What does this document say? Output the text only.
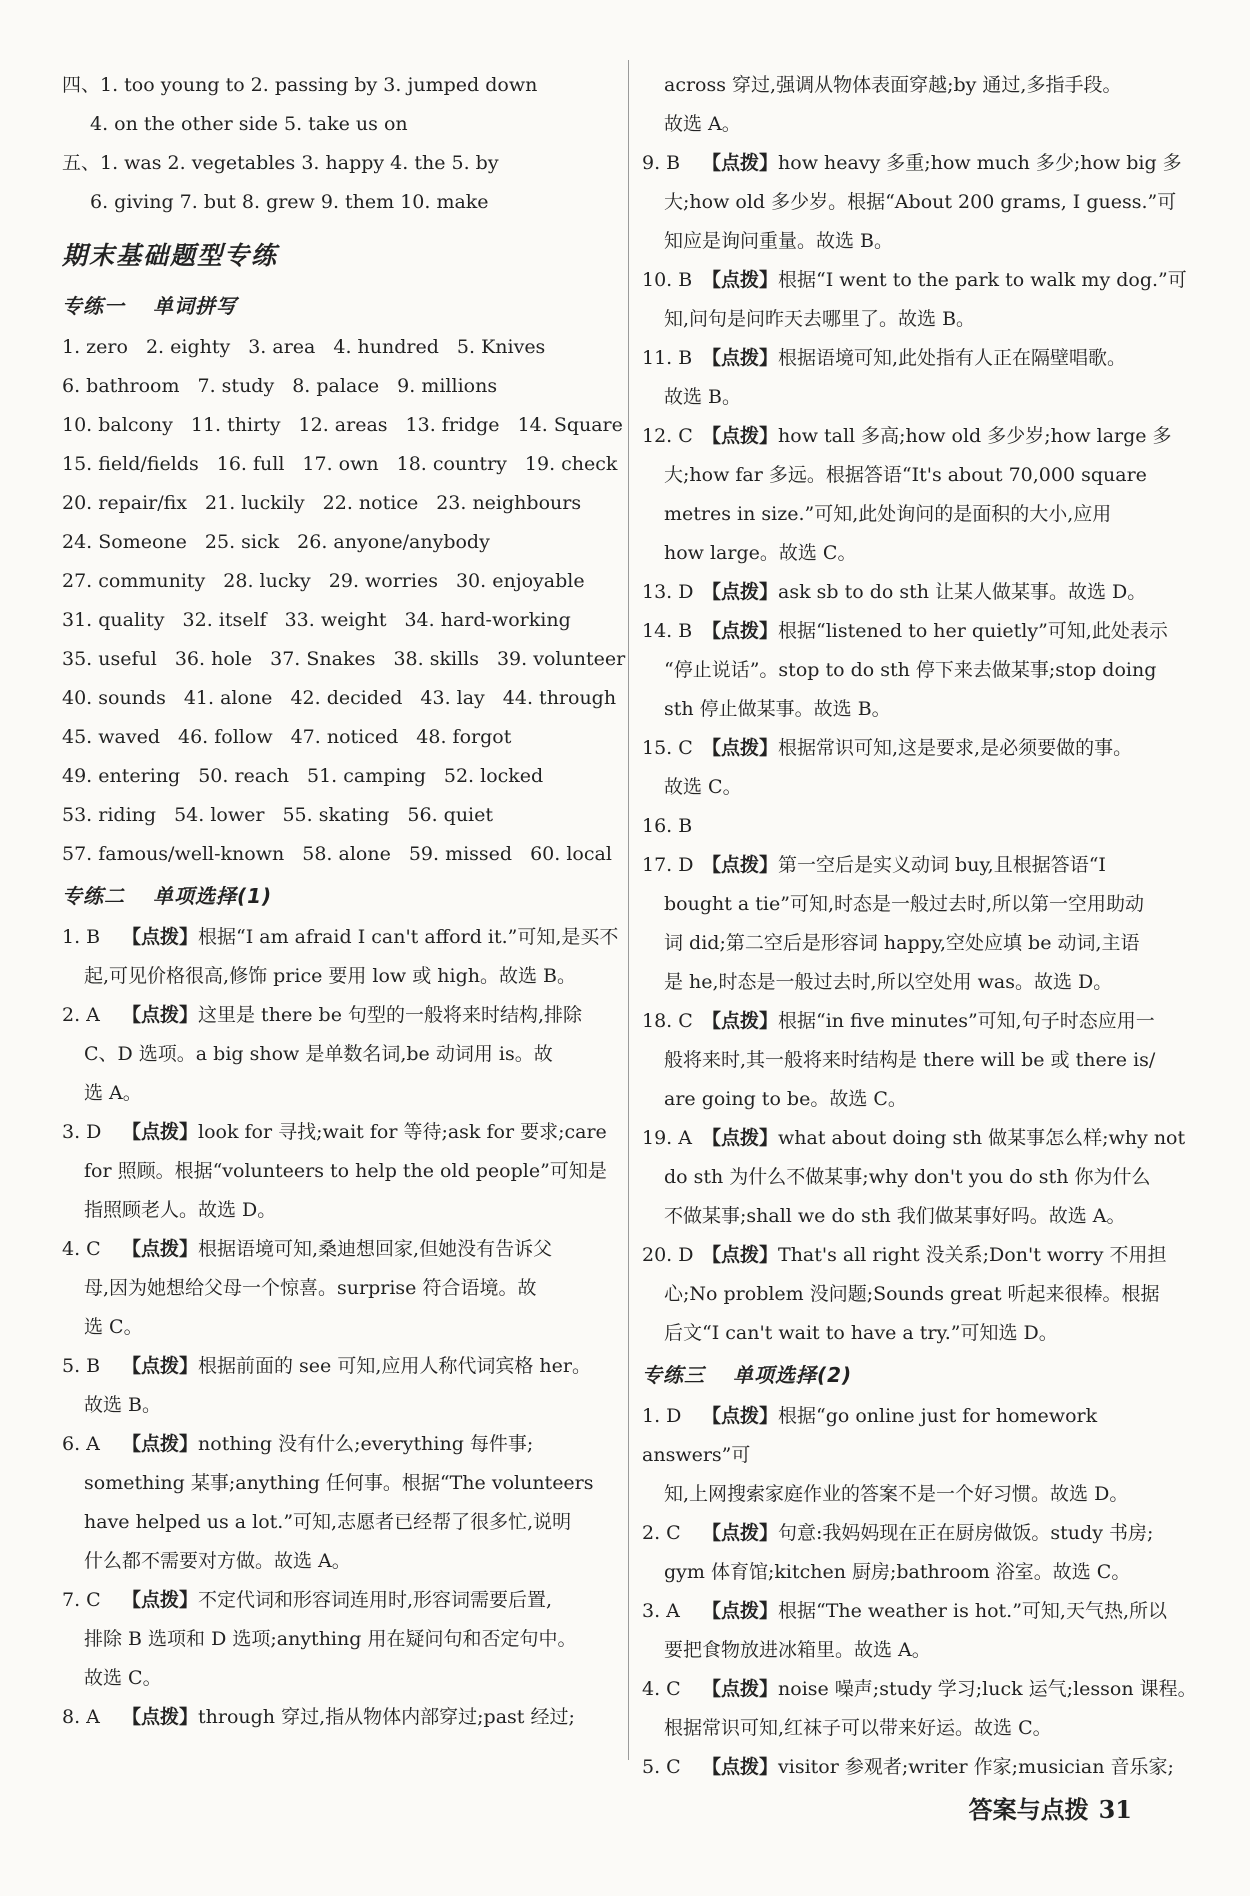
四、1. too young to 2. passing by 3. jumped down
4. on the other side 5. take us on
五、1. was 2. vegetables 3. happy 4. the 5. by
6. giving 7. but 8. grew 9. them 10. make
期末基础题型专练
专练一 单词拼写
1. zero 2. eighty 3. area 4. hundred 5. Knives
6. bathroom 7. study 8. palace 9. millions
10. balcony 11. thirty 12. areas 13. fridge 14. Square
15. field/fields 16. full 17. own 18. country 19. check
20. repair/fix 21. luckily 22. notice 23. neighbours
24. Someone 25. sick 26. anyone/anybody
27. community 28. lucky 29. worries 30. enjoyable
31. quality 32. itself 33. weight 34. hard-working
35. useful 36. hole 37. Snakes 38. skills 39. volunteer
40. sounds 41. alone 42. decided 43. lay 44. through
45. waved 46. follow 47. noticed 48. forgot
49. entering 50. reach 51. camping 52. locked
53. riding 54. lower 55. skating 56. quiet
57. famous/well-known 58. alone 59. missed 60. local
专练二 单项选择(1)
1. B 【点拨】根据“I am afraid I can't afford it.”可知,是买不
起,可见价格很高,修饰 price 要用 low 或 high。故选 B。
2. A 【点拨】这里是 there be 句型的一般将来时结构,排除
C、D 选项。a big show 是单数名词,be 动词用 is。故
选 A。
3. D 【点拨】look for 寻找;wait for 等待;ask for 要求;care
for 照顾。根据“volunteers to help the old people”可知是
指照顾老人。故选 D。
4. C 【点拨】根据语境可知,桑迪想回家,但她没有告诉父
母,因为她想给父母一个惊喜。surprise 符合语境。故
选 C。
5. B 【点拨】根据前面的 see 可知,应用人称代词宾格 her。
故选 B。
6. A 【点拨】nothing 没有什么;everything 每件事;
something 某事;anything 任何事。根据“The volunteers
have helped us a lot.”可知,志愿者已经帮了很多忙,说明
什么都不需要对方做。故选 A。
7. C 【点拨】不定代词和形容词连用时,形容词需要后置,
排除 B 选项和 D 选项;anything 用在疑问句和否定句中。
故选 C。
8. A 【点拨】through 穿过,指从物体内部穿过;past 经过;
across 穿过,强调从物体表面穿越;by 通过,多指手段。
故选 A。
9. B 【点拨】how heavy 多重;how much 多少;how big 多
大;how old 多少岁。根据“About 200 grams, I guess.”可
知应是询问重量。故选 B。
10. B 【点拨】根据“I went to the park to walk my dog.”可
知,问句是问昨天去哪里了。故选 B。
11. B 【点拨】根据语境可知,此处指有人正在隔壁唱歌。
故选 B。
12. C 【点拨】how tall 多高;how old 多少岁;how large 多
大;how far 多远。根据答语“It's about 70,000 square
metres in size.”可知,此处询问的是面积的大小,应用
how large。故选 C。
13. D 【点拨】ask sb to do sth 让某人做某事。故选 D。
14. B 【点拨】根据“listened to her quietly”可知,此处表示
“停止说话”。stop to do sth 停下来去做某事;stop doing
sth 停止做某事。故选 B。
15. C 【点拨】根据常识可知,这是要求,是必须要做的事。
故选 C。
16. B
17. D 【点拨】第一空后是实义动词 buy,且根据答语“I
bought a tie”可知,时态是一般过去时,所以第一空用助动
词 did;第二空后是形容词 happy,空处应填 be 动词,主语
是 he,时态是一般过去时,所以空处用 was。故选 D。
18. C 【点拨】根据“in five minutes”可知,句子时态应用一
般将来时,其一般将来时结构是 there will be 或 there is/
are going to be。故选 C。
19. A 【点拨】what about doing sth 做某事怎么样;why not
do sth 为什么不做某事;why don't you do sth 你为什么
不做某事;shall we do sth 我们做某事好吗。故选 A。
20. D 【点拨】That's all right 没关系;Don't worry 不用担
心;No problem 没问题;Sounds great 听起来很棒。根据
后文“I can't wait to have a try.”可知选 D。
专练三 单项选择(2)
1. D 【点拨】根据“go online just for homework answers”可
知,上网搜索家庭作业的答案不是一个好习惯。故选 D。
2. C 【点拨】句意:我妈妈现在正在厨房做饭。study 书房;
gym 体育馆;kitchen 厨房;bathroom 浴室。故选 C。
3. A 【点拨】根据“The weather is hot.”可知,天气热,所以
要把食物放进冰箱里。故选 A。
4. C 【点拨】noise 噪声;study 学习;luck 运气;lesson 课程。
根据常识可知,红袜子可以带来好运。故选 C。
5. C 【点拨】visitor 参观者;writer 作家;musician 音乐家;
答案与点拨 31
